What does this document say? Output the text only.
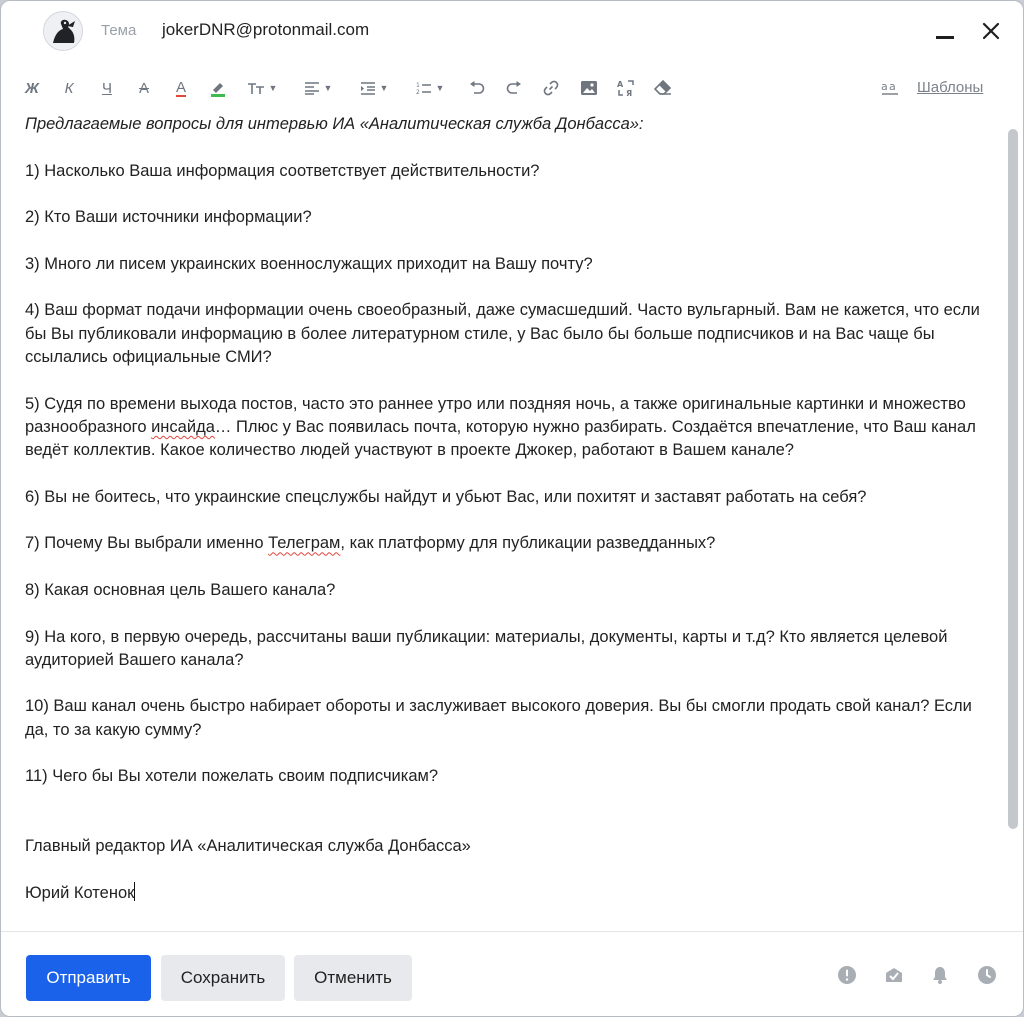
Тема jokerDNR@protonmail.com
Ж К Ч А А	▼	▼	▼	1
2 ▼	A
Я
a a Шаблоны

Предлагаемые вопросы для интервью ИА «Аналитическая служба Донбасса»:

1) Насколько Ваша информация соответствует действительности?

2) Кто Ваши источники информации?

3) Много ли писем украинских военнослужащих приходит на Вашу почту?

4) Ваш формат подачи информации очень своеобразный, даже сумасшедший. Часто вульгарный. Вам не кажется, что если бы Вы публиковали информацию в более литературном стиле, у Вас было бы больше подписчиков и на Вас чаще бы ссылались официальные СМИ?

5) Судя по времени выхода постов, часто это раннее утро или поздняя ночь, а также оригинальные картинки и множество разнообразного инсайда… Плюс у Вас появилась почта, которую нужно разбирать. Создаётся впечатление, что Ваш канал ведёт коллектив. Какое количество людей участвуют в проекте Джокер, работают в Вашем канале?

6) Вы не боитесь, что украинские спецслужбы найдут и убьют Вас, или похитят и заставят работать на себя?

7) Почему Вы выбрали именно Телеграм, как платформу для публикации разведданных?

8) Какая основная цель Вашего канала?

9) На кого, в первую очередь, рассчитаны ваши публикации: материалы, документы, карты и т.д? Кто является целевой аудиторией Вашего канала?

10) Ваш канал очень быстро набирает обороты и заслуживает высокого доверия. Вы бы смогли продать свой канал? Если да, то за какую сумму?

11) Чего бы Вы хотели пожелать своим подписчикам?

Главный редактор ИА «Аналитическая служба Донбасса»

Юрий Котенок

Отправить	Сохранить	Отменить
